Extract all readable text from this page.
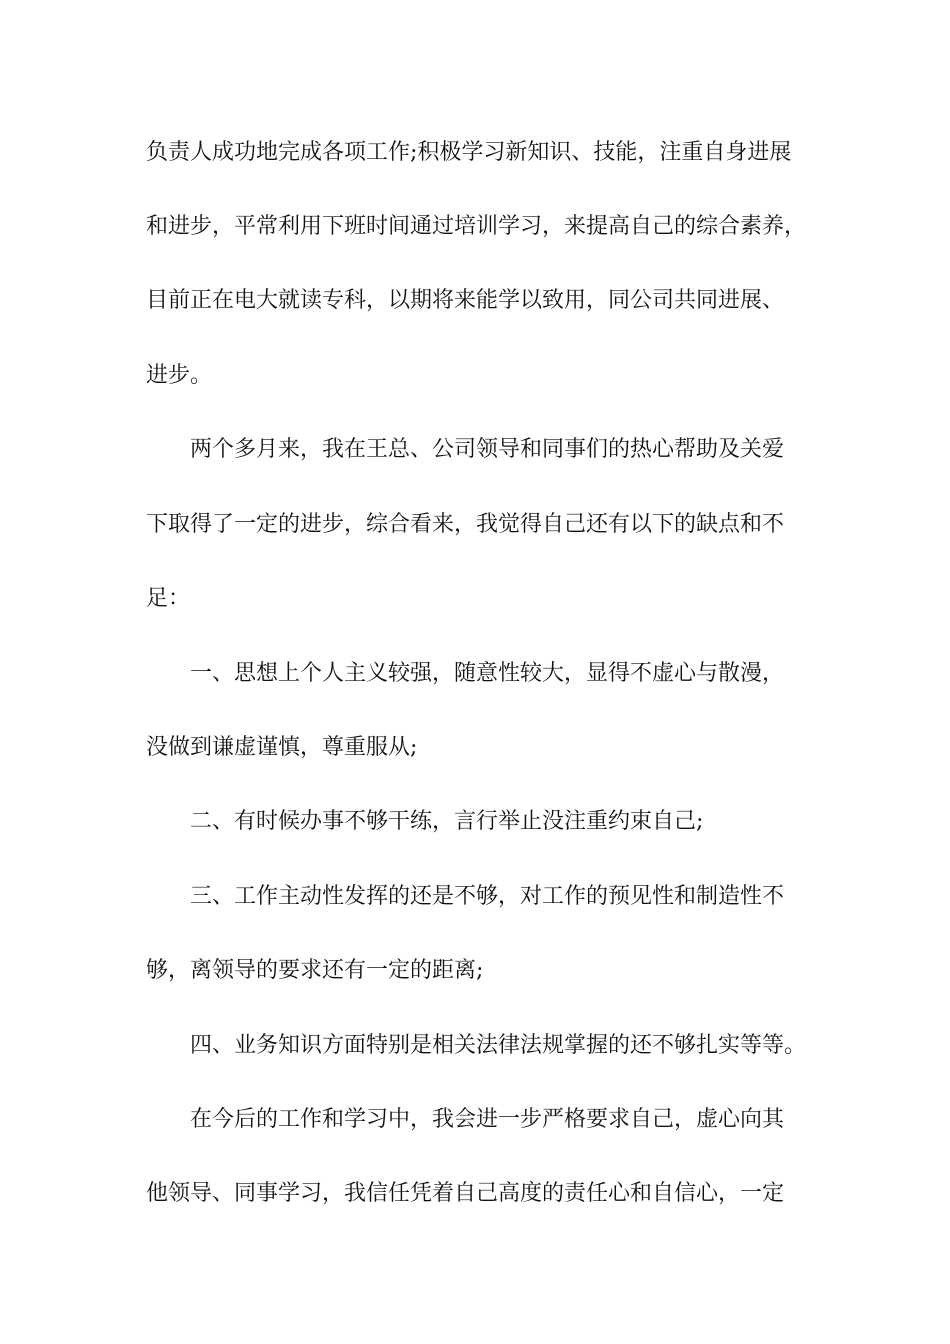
负责人成功地完成各项工作;积极学习新知识、技能，注重自身进展

和进步，平常利用下班时间通过培训学习，来提高自己的综合素养，

目前正在电大就读专科，以期将来能学以致用，同公司共同进展、

进步。

两个多月来，我在王总、公司领导和同事们的热心帮助及关爱

下取得了一定的进步，综合看来，我觉得自己还有以下的缺点和不

足：

一、思想上个人主义较强，随意性较大，显得不虚心与散漫，

没做到谦虚谨慎，尊重服从;

二、有时候办事不够干练，言行举止没注重约束自己;

三、工作主动性发挥的还是不够，对工作的预见性和制造性不

够，离领导的要求还有一定的距离;

四、业务知识方面特别是相关法律法规掌握的还不够扎实等等。

在今后的工作和学习中，我会进一步严格要求自己，虚心向其

他领导、同事学习，我信任凭着自己高度的责任心和自信心，一定
